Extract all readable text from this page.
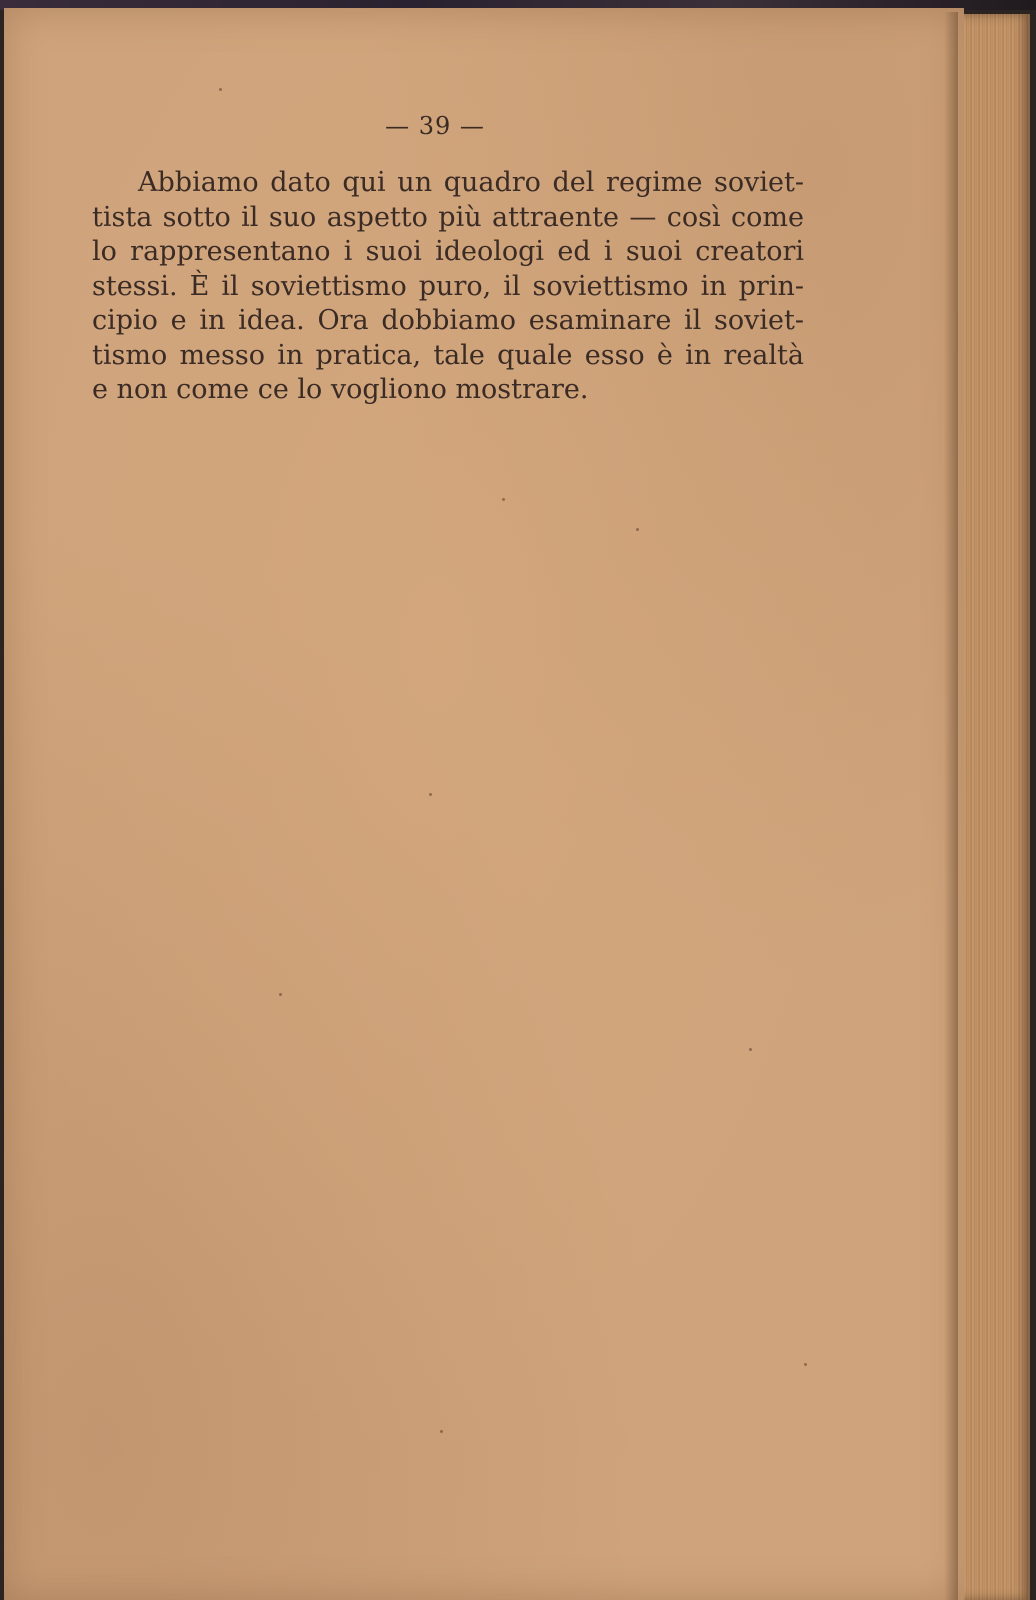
— 39 —
Abbiamo dato qui un quadro del regime soviet-
tista sotto il suo aspetto più attraente — così come
lo rappresentano i suoi ideologi ed i suoi creatori
stessi. È il soviettismo puro, il soviettismo in prin-
cipio e in idea. Ora dobbiamo esaminare il soviet-
tismo messo in pratica, tale quale esso è in realtà
e non come ce lo vogliono mostrare.
